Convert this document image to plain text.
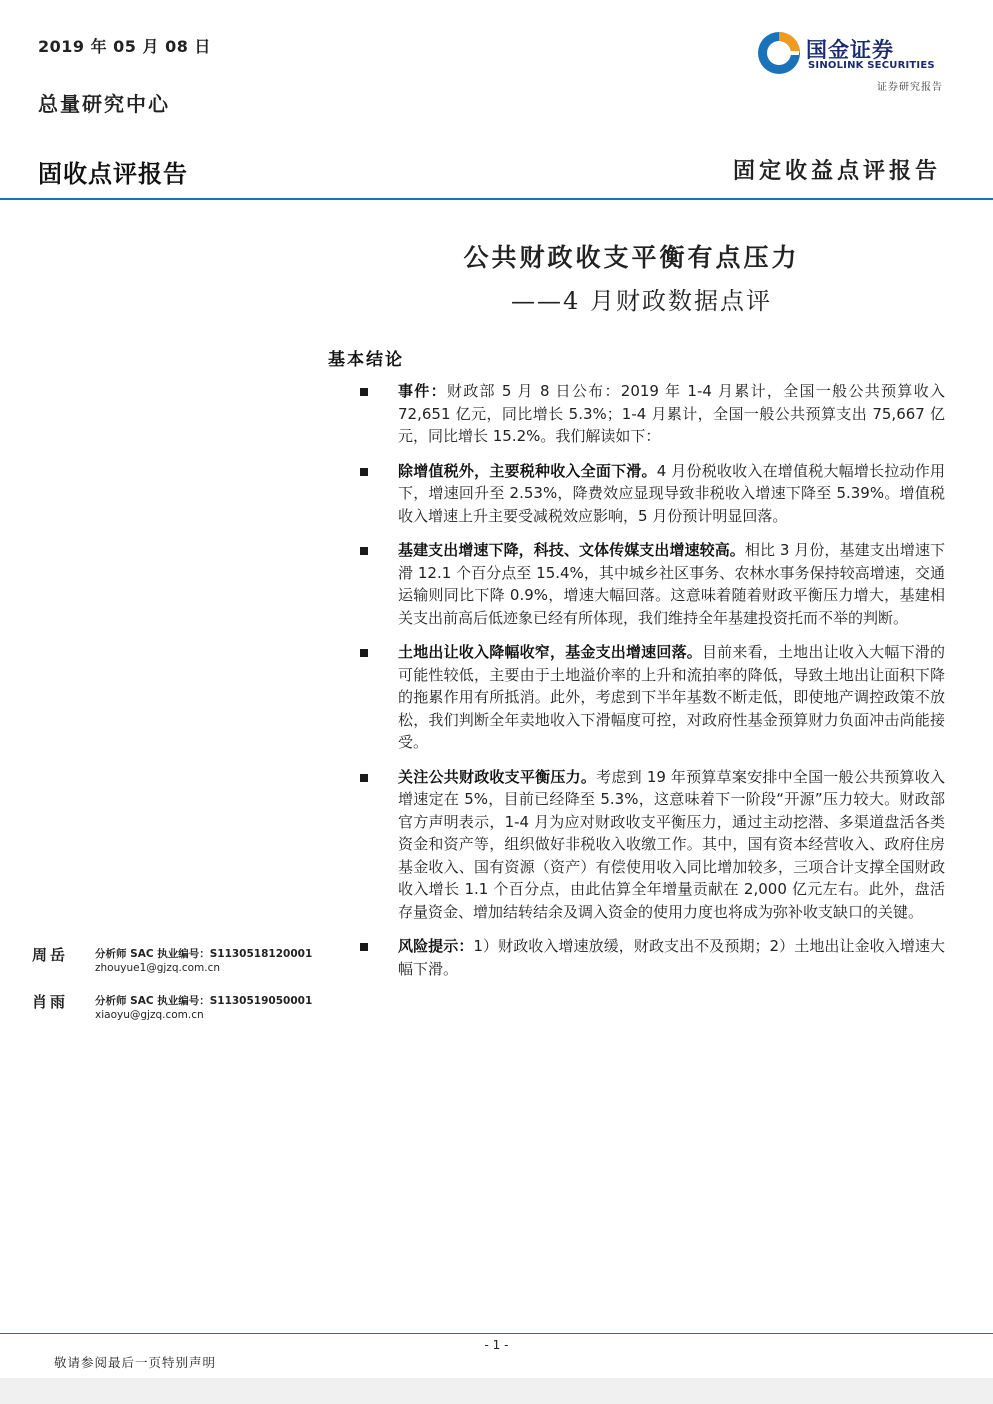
2019 年 05 月 08 日
总量研究中心
固收点评报告	固定收益点评报告
国金证券
SINOLINK SECURITIES
证券研究报告
公共财政收支平衡有点压力
——4 月财政数据点评
基本结论
事件：财政部 5 月 8 日公布：2019 年 1-4 月累计，全国一般公共预算收入 72,651 亿元，同比增长 5.3%；1-4 月累计，全国一般公共预算支出 75,667 亿元，同比增长 15.2%。我们解读如下：
除增值税外，主要税种收入全面下滑。4 月份税收收入在增值税大幅增长拉动作用下，增速回升至 2.53%，降费效应显现导致非税收入增速下降至 5.39%。增值税收入增速上升主要受减税效应影响，5 月份预计明显回落。
基建支出增速下降，科技、文体传媒支出增速较高。相比 3 月份，基建支出增速下滑 12.1 个百分点至 15.4%，其中城乡社区事务、农林水事务保持较高增速，交通运输则同比下降 0.9%，增速大幅回落。这意味着随着财政平衡压力增大，基建相关支出前高后低迹象已经有所体现，我们维持全年基建投资托而不举的判断。
土地出让收入降幅收窄，基金支出增速回落。目前来看，土地出让收入大幅下滑的可能性较低，主要由于土地溢价率的上升和流拍率的降低，导致土地出让面积下降的拖累作用有所抵消。此外，考虑到下半年基数不断走低，即使地产调控政策不放松，我们判断全年卖地收入下滑幅度可控，对政府性基金预算财力负面冲击尚能接受。
关注公共财政收支平衡压力。考虑到 19 年预算草案安排中全国一般公共预算收入增速定在 5%，目前已经降至 5.3%，这意味着下一阶段“开源”压力较大。财政部官方声明表示，1-4 月为应对财政收支平衡压力，通过主动挖潜、多渠道盘活各类资金和资产等，组织做好非税收入收缴工作。其中，国有资本经营收入、政府住房基金收入、国有资源（资产）有偿使用收入同比增加较多，三项合计支撑全国财政收入增长 1.1 个百分点，由此估算全年增量贡献在 2,000 亿元左右。此外，盘活存量资金、增加结转结余及调入资金的使用力度也将成为弥补收支缺口的关键。
风险提示：1）财政收入增速放缓，财政支出不及预期；2）土地出让金收入增速大幅下滑。
周岳	分析师 SAC 执业编号：S1130518120001
zhouyue1@gjzq.com.cn
肖雨	分析师 SAC 执业编号：S1130519050001
xiaoyu@gjzq.com.cn
- 1 -
敬请参阅最后一页特别声明
